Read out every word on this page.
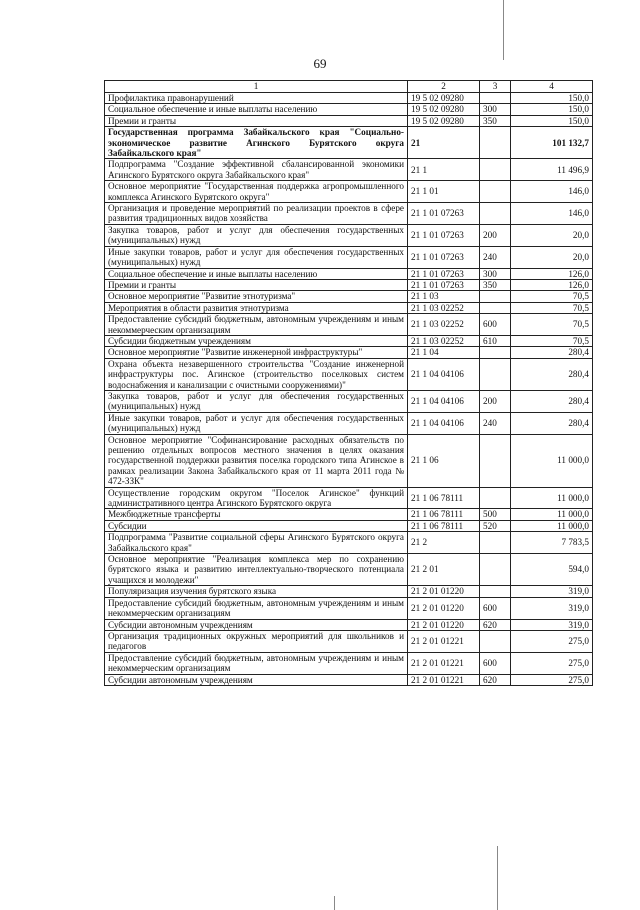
69
1	2	3	4
Профилактика правонарушений	19 5 02 09280		150,0
Социальное обеспечение и иные выплаты населению	19 5 02 09280	300	150,0
Премии и гранты	19 5 02 09280	350	150,0
Государственная программа Забайкальского края "Социально-экономическое развитие Агинского Бурятского округа Забайкальского края"	21		101 132,7
Подпрограмма "Создание эффективной сбалансированной экономики Агинского Бурятского округа Забайкальского края"	21 1		11 496,9
Основное мероприятие "Государственная поддержка агропромышленного комплекса Агинского Бурятского округа"	21 1 01		146,0
Организация и проведение мероприятий по реализации проектов в сфере развития традиционных видов хозяйства	21 1 01 07263		146,0
Закупка товаров, работ и услуг для обеспечения государственных (муниципальных) нужд	21 1 01 07263	200	20,0
Иные закупки товаров, работ и услуг для обеспечения государственных (муниципальных) нужд	21 1 01 07263	240	20,0
Социальное обеспечение и иные выплаты населению	21 1 01 07263	300	126,0
Премии и гранты	21 1 01 07263	350	126,0
Основное мероприятие "Развитие этнотуризма"	21 1 03		70,5
Мероприятия в области развития этнотуризма	21 1 03 02252		70,5
Предоставление субсидий бюджетным, автономным учреждениям и иным некоммерческим организациям	21 1 03 02252	600	70,5
Субсидии бюджетным учреждениям	21 1 03 02252	610	70,5
Основное мероприятие "Развитие инженерной инфраструктуры"	21 1 04		280,4
Охрана объекта незавершенного строительства "Создание инженерной инфраструктуры пос. Агинское (строительство поселковых систем водоснабжения и канализации с очистными сооружениями)"	21 1 04 04106		280,4
Закупка товаров, работ и услуг для обеспечения государственных (муниципальных) нужд	21 1 04 04106	200	280,4
Иные закупки товаров, работ и услуг для обеспечения государственных (муниципальных) нужд	21 1 04 04106	240	280,4
Основное мероприятие "Софинансирование расходных обязательств по решению отдельных вопросов местного значения в целях оказания государственной поддержки развития поселка городского типа Агинское в рамках реализации Закона Забайкальского края от 11 марта 2011 года № 472-ЗЗК"	21 1 06		11 000,0
Осуществление городским округом "Поселок Агинское" функций административного центра Агинского Бурятского округа	21 1 06 78111		11 000,0
Межбюджетные трансферты	21 1 06 78111	500	11 000,0
Субсидии	21 1 06 78111	520	11 000,0
Подпрограмма "Развитие социальной сферы Агинского Бурятского округа Забайкальского края"	21 2		7 783,5
Основное мероприятие "Реализация комплекса мер по сохранению бурятского языка и развитию интеллектуально-творческого потенциала учащихся и молодежи"	21 2 01		594,0
Популяризация изучения бурятского языка	21 2 01 01220		319,0
Предоставление субсидий бюджетным, автономным учреждениям и иным некоммерческим организациям	21 2 01 01220	600	319,0
Субсидии автономным учреждениям	21 2 01 01220	620	319,0
Организация традиционных окружных мероприятий для школьников и педагогов	21 2 01 01221		275,0
Предоставление субсидий бюджетным, автономным учреждениям и иным некоммерческим организациям	21 2 01 01221	600	275,0
Субсидии автономным учреждениям	21 2 01 01221	620	275,0
